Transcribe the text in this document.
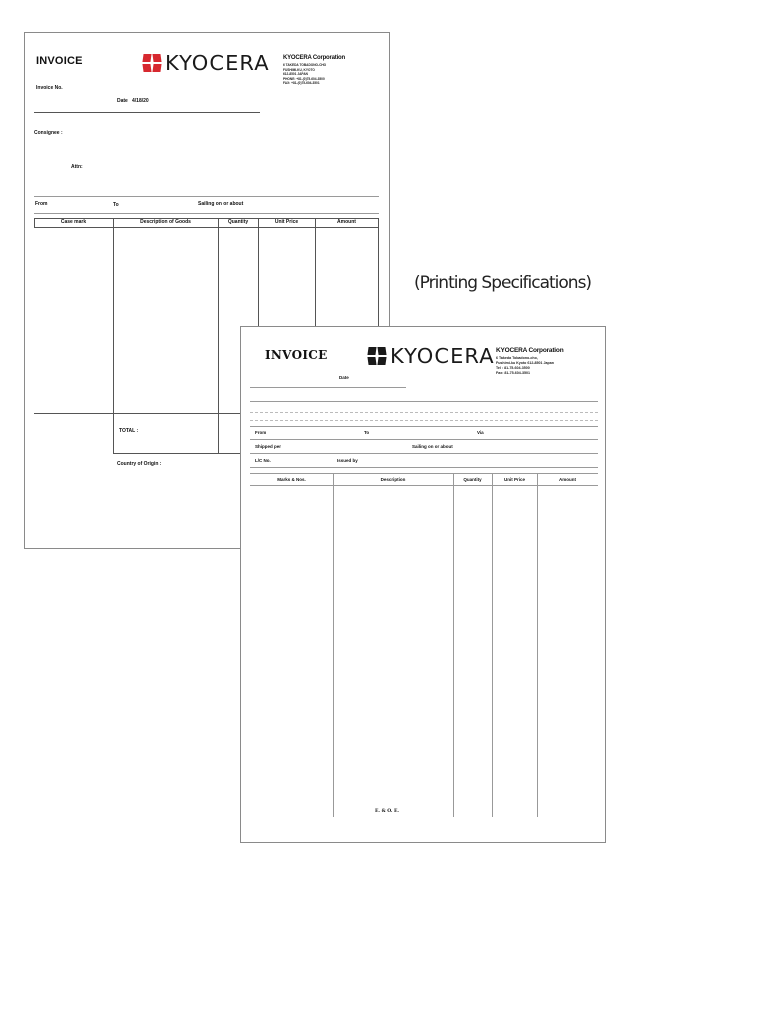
(Printing Specifications)
INVOICE
Invoice No.
KYOCERA KYOCERA Corporation
6 TAKEDA TOBADONO-CHO
FUSHIMI-KU, KYOTO
612-8501 JAPAN
PHONE: +81-(0)75-604-3500
FAX: +81-(0)75-604-3501
Date 4/18/20
Consignee :
Attn:
From	To	Sailing on or about
Case mark	Description of Goods	Quantity	Unit Price	Amount
TOTAL :
Country of Origin :
INVOICE	KYOCERA KYOCERA Corporation
6 Takeda Tobadono-cho,
Fushimi-ku Kyoto 612-8501 Japan
Tel : 81-75-604-3500
Fax: 81-75-604-3501
Date
From	To	Via
Shipped per	Sailing on or about
L/C No.	Issued by
Marks & Nos.	Description	Quantity	Unit Price	Amount
E. & O. E.
